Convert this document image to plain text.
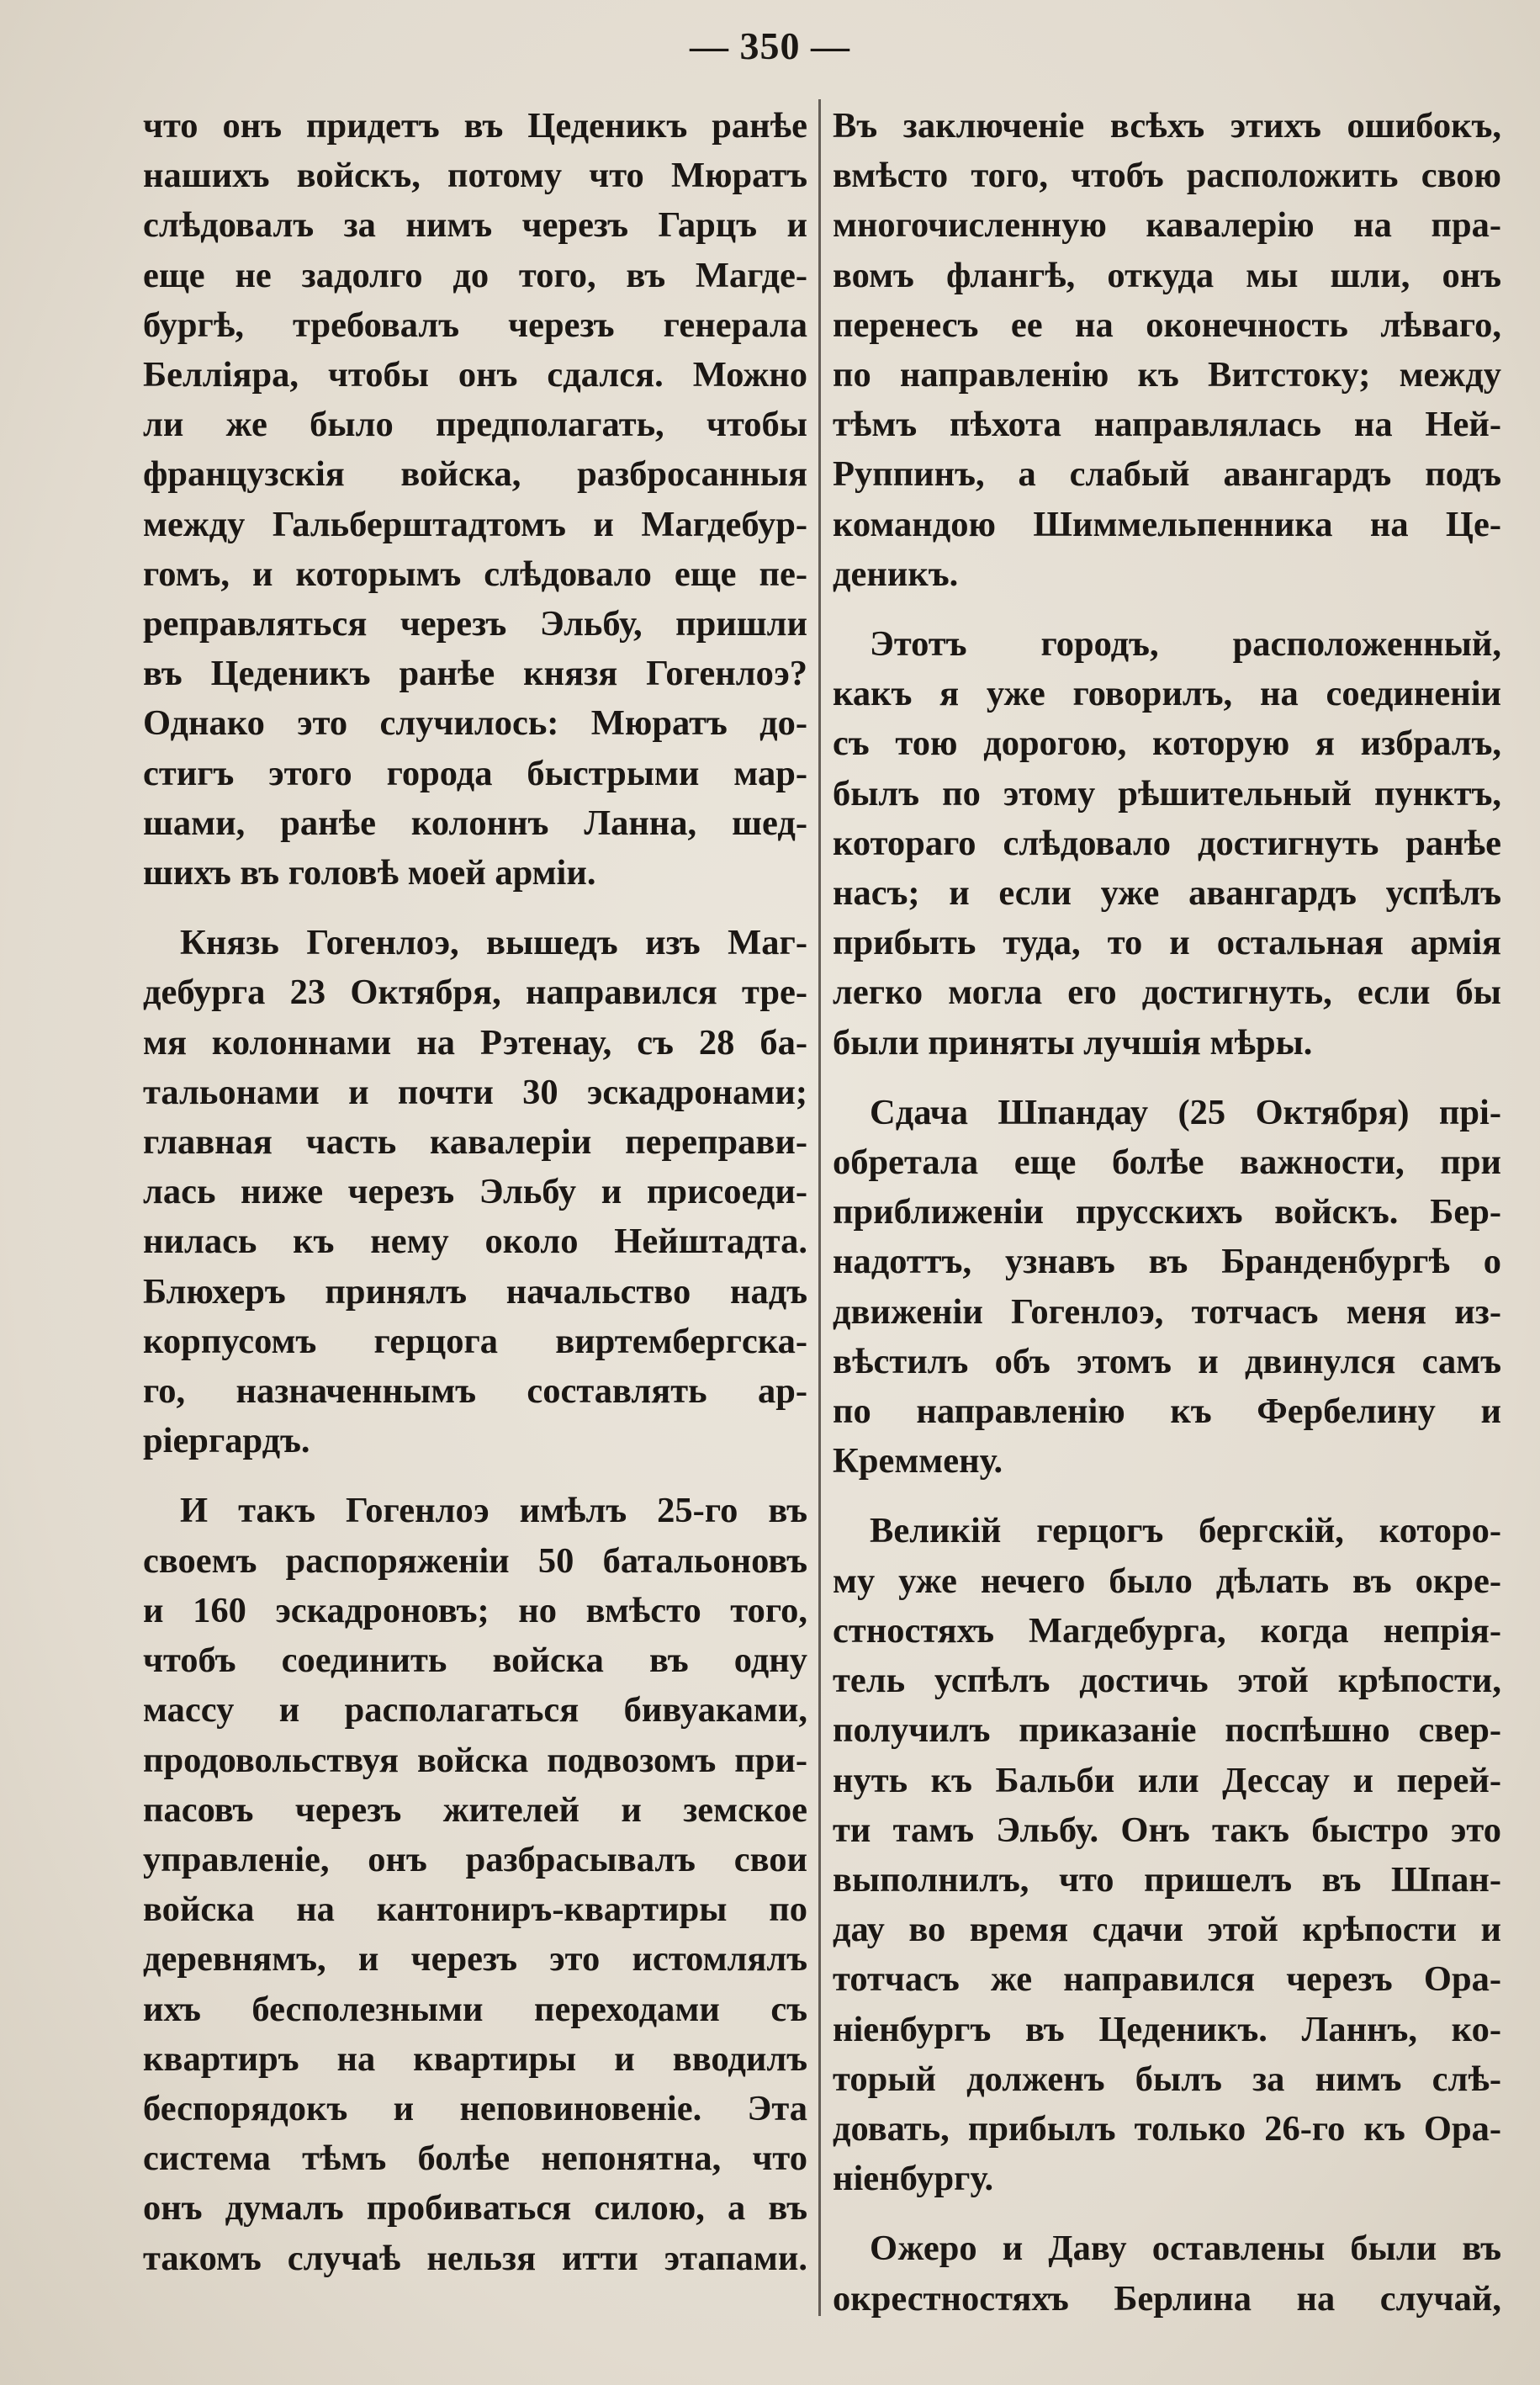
— 350 —
что онъ придетъ въ Цеденикъ ранѣе
нашихъ войскъ, потому что Мюратъ
слѣдовалъ за нимъ черезъ Гарцъ и
еще не задолго до того, въ Магде-
бургѣ, требовалъ черезъ генерала
Белліяра, чтобы онъ сдался. Можно
ли же было предполагать, чтобы
французскія войска, разбросанныя
между Гальберштадтомъ и Магдебур-
гомъ, и которымъ слѣдовало еще пе-
реправляться черезъ Эльбу, пришли
въ Цеденикъ ранѣе князя Гогенлоэ?
Однако это случилось: Мюратъ до-
стигъ этого города быстрыми мар-
шами, ранѣе колоннъ Ланна, шед-
шихъ въ головѣ моей арміи.
Князь Гогенлоэ, вышедъ изъ Маг-
дебурга 23 Октября, направился тре-
мя колоннами на Рэтенау, съ 28 ба-
тальонами и почти 30 эскадронами;
главная часть кавалеріи переправи-
лась ниже черезъ Эльбу и присоеди-
нилась къ нему около Нейштадта.
Блюхеръ принялъ начальство надъ
корпусомъ герцога виртембергска-
го, назначеннымъ составлять ар-
ріергардъ.
И такъ Гогенлоэ имѣлъ 25-го въ
своемъ распоряженіи 50 батальоновъ
и 160 эскадроновъ; но вмѣсто того,
чтобъ соединить войска въ одну
массу и располагаться бивуаками,
продовольствуя войска подвозомъ при-
пасовъ черезъ жителей и земское
управленіе, онъ разбрасывалъ свои
войска на кантониръ-квартиры по
деревнямъ, и черезъ это истомлялъ
ихъ бесполезными переходами съ
квартиръ на квартиры и вводилъ
беспорядокъ и неповиновеніе. Эта
система тѣмъ болѣе непонятна, что
онъ думалъ пробиваться силою, а въ
такомъ случаѣ нельзя итти этапами.
Въ заключеніе всѣхъ этихъ ошибокъ,
вмѣсто того, чтобъ расположить свою
многочисленную кавалерію на пра-
вомъ флангѣ, откуда мы шли, онъ
перенесъ ее на оконечность лѣваго,
по направленію къ Витстоку; между
тѣмъ пѣхота направлялась на Ней-
Руппинъ, а слабый авангардъ подъ
командою Шиммельпенника на Це-
деникъ.
Этотъ городъ, расположенный,
какъ я уже говорилъ, на соединеніи
съ тою дорогою, которую я избралъ,
былъ по этому рѣшительный пунктъ,
котораго слѣдовало достигнуть ранѣе
насъ; и если уже авангардъ успѣлъ
прибыть туда, то и остальная армія
легко могла его достигнуть, если бы
были приняты лучшія мѣры.
Сдача Шпандау (25 Октября) прі-
обретала еще болѣе важности, при
приближеніи прусскихъ войскъ. Бер-
надоттъ, узнавъ въ Бранденбургѣ о
движеніи Гогенлоэ, тотчасъ меня из-
вѣстилъ объ этомъ и двинулся самъ
по направленію къ Фербелину и
Креммену.
Великій герцогъ бергскій, которо-
му уже нечего было дѣлать въ окре-
стностяхъ Магдебурга, когда непрія-
тель успѣлъ достичь этой крѣпости,
получилъ приказаніе поспѣшно свер-
нуть къ Бальби или Дессау и перей-
ти тамъ Эльбу. Онъ такъ быстро это
выполнилъ, что пришелъ въ Шпан-
дау во время сдачи этой крѣпости и
тотчасъ же направился черезъ Ора-
ніенбургъ въ Цеденикъ. Ланнъ, ко-
торый долженъ былъ за нимъ слѣ-
довать, прибылъ только 26-го къ Ора-
ніенбургу.
Ожеро и Даву оставлены были въ
окрестностяхъ Берлина на случай,
